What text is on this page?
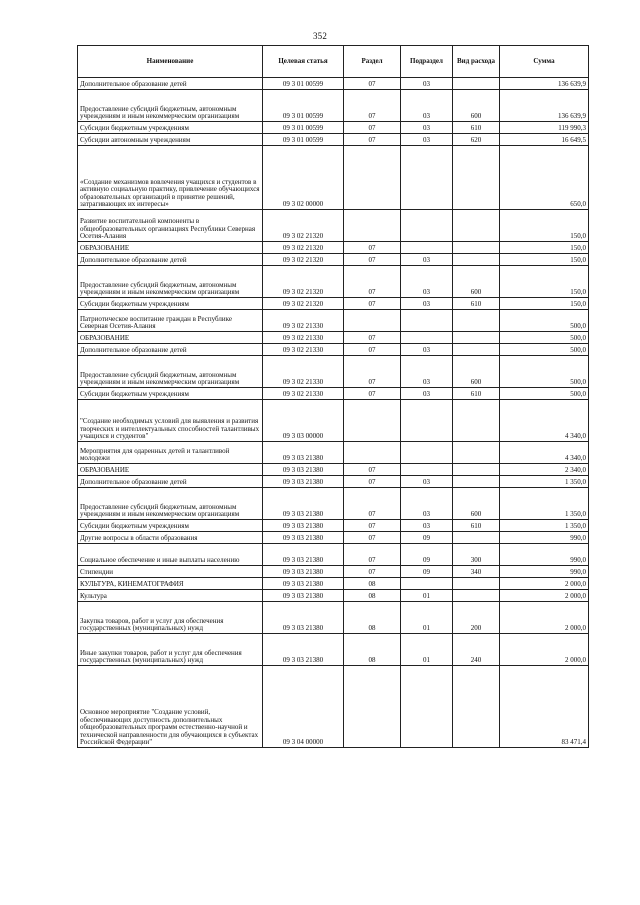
352
Наименование	Целевая статья	Раздел	Подраздел	Вид расхода	Сумма
Дополнительное образование детей	09 3 01 00599	07	03		136 639,9
Предоставление субсидий бюджетным, автономным учреждениям и иным некоммерческим организациям	09 3 01 00599	07	03	600	136 639,9
Субсидии бюджетным учреждениям	09 3 01 00599	07	03	610	119 990,3
Субсидии автономным учреждениям	09 3 01 00599	07	03	620	16 649,5
«Создание механизмов вовлечения учащихся и студентов в активную социальную практику, привлечение обучающихся образовательных организаций в принятие решений, затрагивающих их интересы»	09 3 02 00000				650,0
Развитие воспитательной компоненты в общеобразовательных организациях Республики Северная Осетия-Алания	09 3 02 21320				150,0
ОБРАЗОВАНИЕ	09 3 02 21320	07			150,0
Дополнительное образование детей	09 3 02 21320	07	03		150,0
Предоставление субсидий бюджетным, автономным учреждениям и иным некоммерческим организациям	09 3 02 21320	07	03	600	150,0
Субсидии бюджетным учреждениям	09 3 02 21320	07	03	610	150,0
Патриотическое воспитание граждан в Республике Северная Осетия-Алания	09 3 02 21330				500,0
ОБРАЗОВАНИЕ	09 3 02 21330	07			500,0
Дополнительное образование детей	09 3 02 21330	07	03		500,0
Предоставление субсидий бюджетным, автономным учреждениям и иным некоммерческим организациям	09 3 02 21330	07	03	600	500,0
Субсидии бюджетным учреждениям	09 3 02 21330	07	03	610	500,0
"Создание необходимых условий для выявления и развития творческих и интеллектуальных способностей талантливых учащихся и студентов"	09 3 03 00000				4 340,0
Мероприятия для одаренных детей и талантливой молодежи	09 3 03 21380				4 340,0
ОБРАЗОВАНИЕ	09 3 03 21380	07			2 340,0
Дополнительное образование детей	09 3 03 21380	07	03		1 350,0
Предоставление субсидий бюджетным, автономным учреждениям и иным некоммерческим организациям	09 3 03 21380	07	03	600	1 350,0
Субсидии бюджетным учреждениям	09 3 03 21380	07	03	610	1 350,0
Другие вопросы в области образования	09 3 03 21380	07	09		990,0
Социальное обеспечение и иные выплаты населению	09 3 03 21380	07	09	300	990,0
Стипендии	09 3 03 21380	07	09	340	990,0
КУЛЬТУРА, КИНЕМАТОГРАФИЯ	09 3 03 21380	08			2 000,0
Культура	09 3 03 21380	08	01		2 000,0
Закупка товаров, работ и услуг для обеспечения государственных (муниципальных) нужд	09 3 03 21380	08	01	200	2 000,0
Иные закупки товаров, работ и услуг для обеспечения государственных (муниципальных) нужд	09 3 03 21380	08	01	240	2 000,0
Основное мероприятие "Создание условий, обеспечивающих доступность дополнительных общеобразовательных программ естественно-научной и технической направленности для обучающихся в субъектах Российской Федерации"	09 3 04 00000				83 471,4
